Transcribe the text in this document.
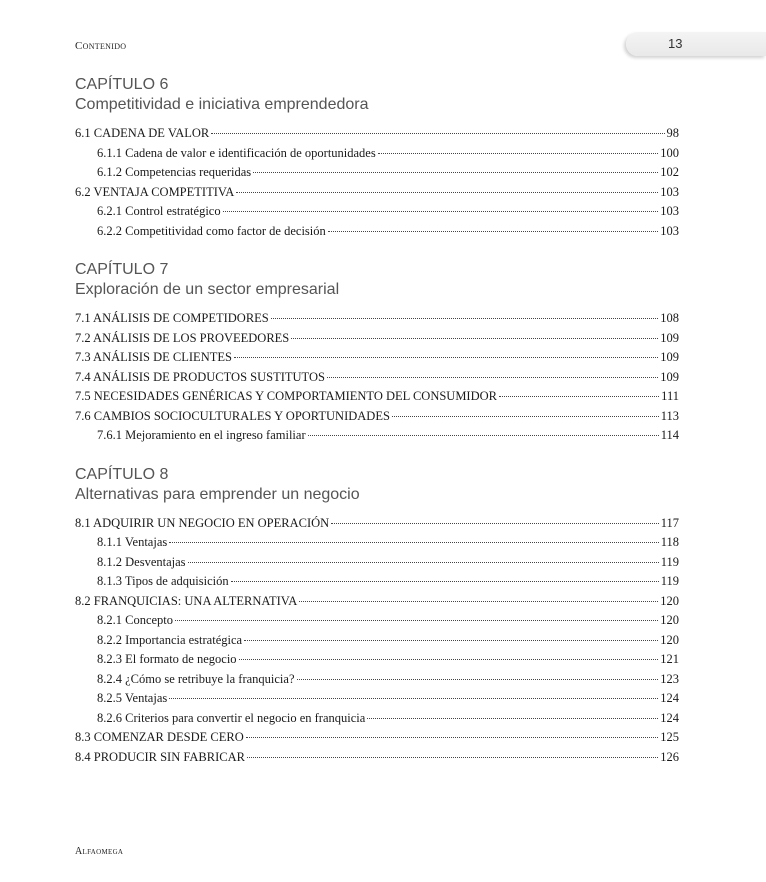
Contenido	13
CAPÍTULO 6
Competitividad e iniciativa emprendedora
6.1 CADENA DE VALOR	98
6.1.1 Cadena de valor e identificación de oportunidades	100
6.1.2 Competencias requeridas	102
6.2 VENTAJA COMPETITIVA	103
6.2.1 Control estratégico	103
6.2.2 Competitividad como factor de decisión	103
CAPÍTULO 7
Exploración de un sector empresarial
7.1 ANÁLISIS DE COMPETIDORES	108
7.2 ANÁLISIS DE LOS PROVEEDORES	109
7.3 ANÁLISIS DE CLIENTES	109
7.4 ANÁLISIS DE PRODUCTOS SUSTITUTOS	109
7.5 NECESIDADES GENÉRICAS Y COMPORTAMIENTO DEL CONSUMIDOR	111
7.6 CAMBIOS SOCIOCULTURALES Y OPORTUNIDADES	113
7.6.1 Mejoramiento en el ingreso familiar	114
CAPÍTULO 8
Alternativas para emprender un negocio
8.1 ADQUIRIR UN NEGOCIO EN OPERACIÓN	117
8.1.1 Ventajas	118
8.1.2 Desventajas	119
8.1.3 Tipos de adquisición	119
8.2 FRANQUICIAS: UNA ALTERNATIVA	120
8.2.1 Concepto	120
8.2.2 Importancia estratégica	120
8.2.3 El formato de negocio	121
8.2.4 ¿Cómo se retribuye la franquicia?	123
8.2.5 Ventajas	124
8.2.6 Criterios para convertir el negocio en franquicia	124
8.3 COMENZAR DESDE CERO	125
8.4 PRODUCIR SIN FABRICAR	126
Alfaomega
